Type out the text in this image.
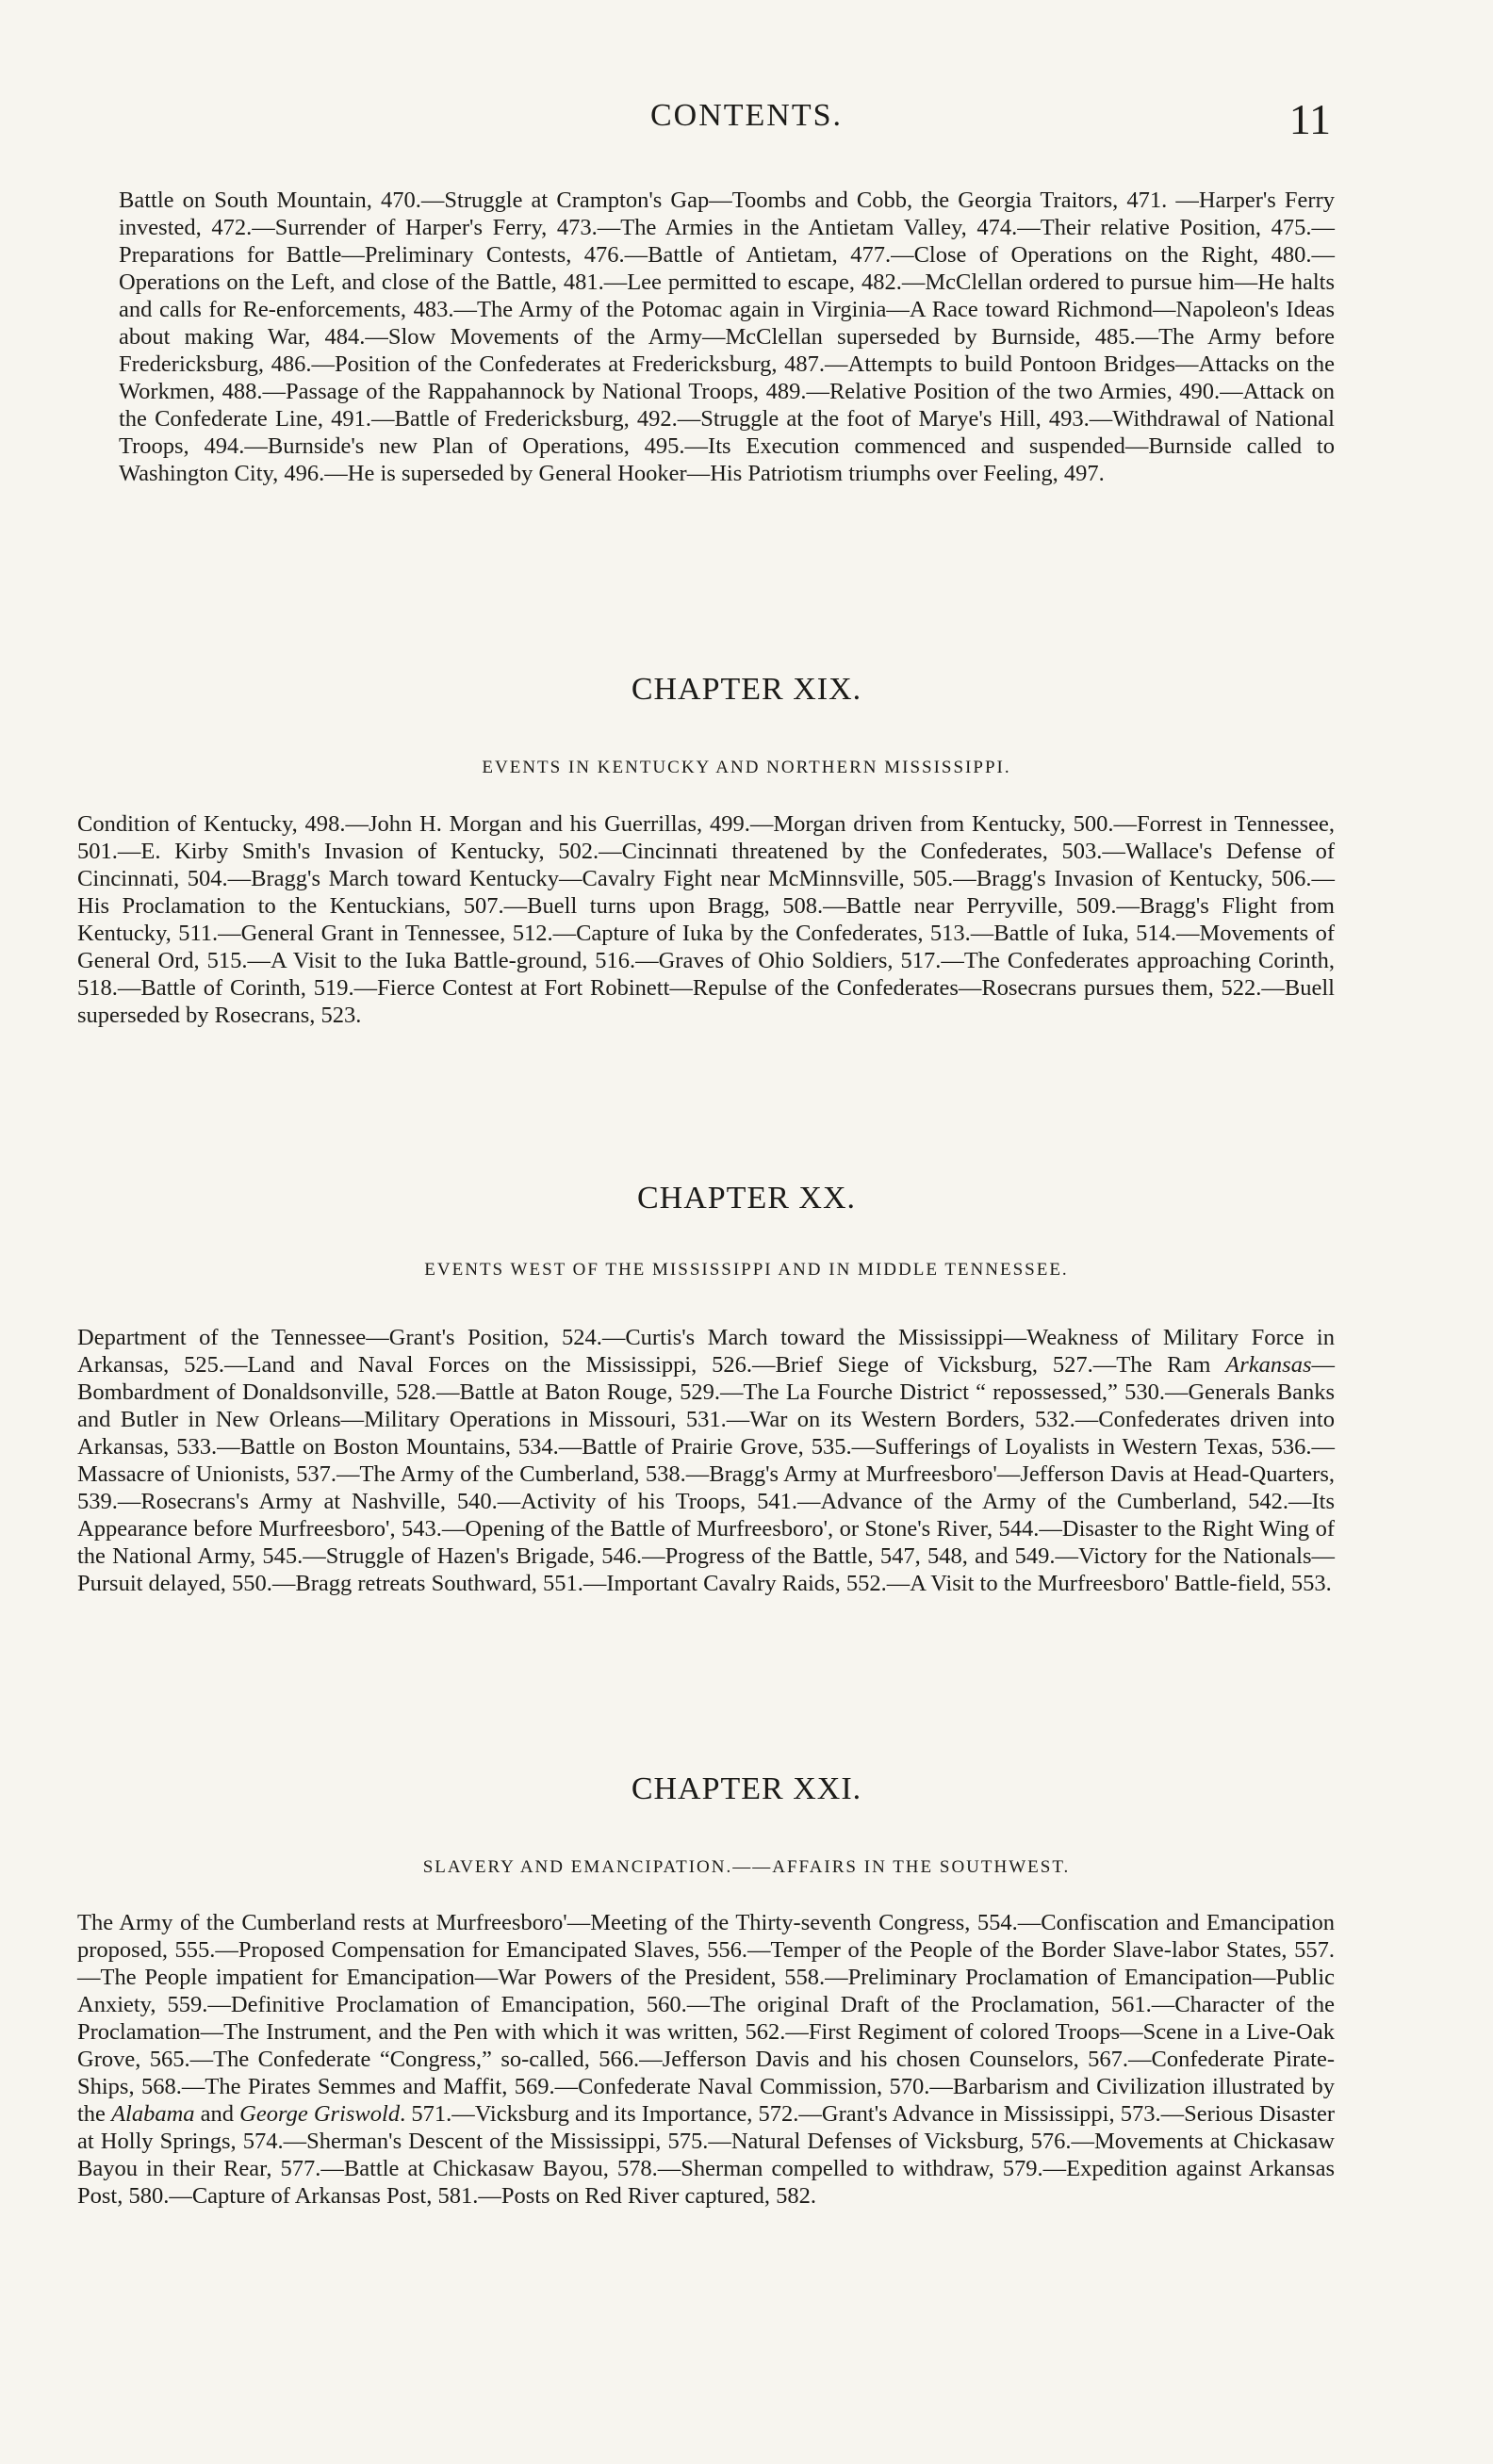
CONTENTS.	11

Battle on South Mountain, 470.—Struggle at Crampton's Gap—Toombs and Cobb, the Georgia Traitors, 471. —Harper's Ferry invested, 472.—Surrender of Harper's Ferry, 473.—The Armies in the Antietam Valley, 474.—Their relative Position, 475.—Preparations for Battle—Preliminary Contests, 476.—Battle of Antietam, 477.—Close of Operations on the Right, 480.—Operations on the Left, and close of the Battle, 481.—Lee permitted to escape, 482.—McClellan ordered to pursue him—He halts and calls for Re-enforcements, 483.—The Army of the Potomac again in Virginia—A Race toward Richmond—Napoleon's Ideas about making War, 484.—Slow Movements of the Army—McClellan superseded by Burnside, 485.—The Army before Fredericksburg, 486.—Position of the Confederates at Fredericksburg, 487.—Attempts to build Pontoon Bridges—Attacks on the Workmen, 488.—Passage of the Rappahannock by National Troops, 489.—Relative Position of the two Armies, 490.—Attack on the Confederate Line, 491.—Battle of Fredericksburg, 492.—Struggle at the foot of Marye's Hill, 493.—Withdrawal of National Troops, 494.—Burnside's new Plan of Operations, 495.—Its Execution commenced and suspended—Burnside called to Washington City, 496.—He is superseded by General Hooker—His Patriotism triumphs over Feeling, 497.

CHAPTER XIX.
EVENTS IN KENTUCKY AND NORTHERN MISSISSIPPI.

Condition of Kentucky, 498.—John H. Morgan and his Guerrillas, 499.—Morgan driven from Kentucky, 500.—Forrest in Tennessee, 501.—E. Kirby Smith's Invasion of Kentucky, 502.—Cincinnati threatened by the Confederates, 503.—Wallace's Defense of Cincinnati, 504.—Bragg's March toward Kentucky—Cavalry Fight near McMinnsville, 505.—Bragg's Invasion of Kentucky, 506.—His Proclamation to the Kentuckians, 507.—Buell turns upon Bragg, 508.—Battle near Perryville, 509.—Bragg's Flight from Kentucky, 511.—General Grant in Tennessee, 512.—Capture of Iuka by the Confederates, 513.—Battle of Iuka, 514.—Movements of General Ord, 515.—A Visit to the Iuka Battle-ground, 516.—Graves of Ohio Soldiers, 517.—The Confederates approaching Corinth, 518.—Battle of Corinth, 519.—Fierce Contest at Fort Robinett—Repulse of the Confederates—Rosecrans pursues them, 522.—Buell superseded by Rosecrans, 523.

CHAPTER XX.
EVENTS WEST OF THE MISSISSIPPI AND IN MIDDLE TENNESSEE.

Department of the Tennessee—Grant's Position, 524.—Curtis's March toward the Mississippi—Weakness of Military Force in Arkansas, 525.—Land and Naval Forces on the Mississippi, 526.—Brief Siege of Vicksburg, 527.—The Ram Arkansas—Bombardment of Donaldsonville, 528.—Battle at Baton Rouge, 529.—The La Fourche District “ repossessed,” 530.—Generals Banks and Butler in New Orleans—Military Operations in Missouri, 531.—War on its Western Borders, 532.—Confederates driven into Arkansas, 533.—Battle on Boston Mountains, 534.—Battle of Prairie Grove, 535.—Sufferings of Loyalists in Western Texas, 536.—Massacre of Unionists, 537.—The Army of the Cumberland, 538.—Bragg's Army at Murfreesboro'—Jefferson Davis at Head-Quarters, 539.—Rosecrans's Army at Nashville, 540.—Activity of his Troops, 541.—Advance of the Army of the Cumberland, 542.—Its Appearance before Murfreesboro', 543.—Opening of the Battle of Murfreesboro', or Stone's River, 544.—Disaster to the Right Wing of the National Army, 545.—Struggle of Hazen's Brigade, 546.—Progress of the Battle, 547, 548, and 549.—Victory for the Nationals—Pursuit delayed, 550.—Bragg retreats Southward, 551.—Important Cavalry Raids, 552.—A Visit to the Murfreesboro' Battle-field, 553.

CHAPTER XXI.
SLAVERY AND EMANCIPATION.——AFFAIRS IN THE SOUTHWEST.

The Army of the Cumberland rests at Murfreesboro'—Meeting of the Thirty-seventh Congress, 554.—Confiscation and Emancipation proposed, 555.—Proposed Compensation for Emancipated Slaves, 556.—Temper of the People of the Border Slave-labor States, 557.—The People impatient for Emancipation—War Powers of the President, 558.—Preliminary Proclamation of Emancipation—Public Anxiety, 559.—Definitive Proclamation of Emancipation, 560.—The original Draft of the Proclamation, 561.—Character of the Proclamation—The Instrument, and the Pen with which it was written, 562.—First Regiment of colored Troops—Scene in a Live-Oak Grove, 565.—The Confederate “Congress,” so-called, 566.—Jefferson Davis and his chosen Counselors, 567.—Confederate Pirate-Ships, 568.—The Pirates Semmes and Maffit, 569.—Confederate Naval Commission, 570.—Barbarism and Civilization illustrated by the Alabama and George Griswold. 571.—Vicksburg and its Importance, 572.—Grant's Advance in Mississippi, 573.—Serious Disaster at Holly Springs, 574.—Sherman's Descent of the Mississippi, 575.—Natural Defenses of Vicksburg, 576.—Movements at Chickasaw Bayou in their Rear, 577.—Battle at Chickasaw Bayou, 578.—Sherman compelled to withdraw, 579.—Expedition against Arkansas Post, 580.—Capture of Arkansas Post, 581.—Posts on Red River captured, 582.
